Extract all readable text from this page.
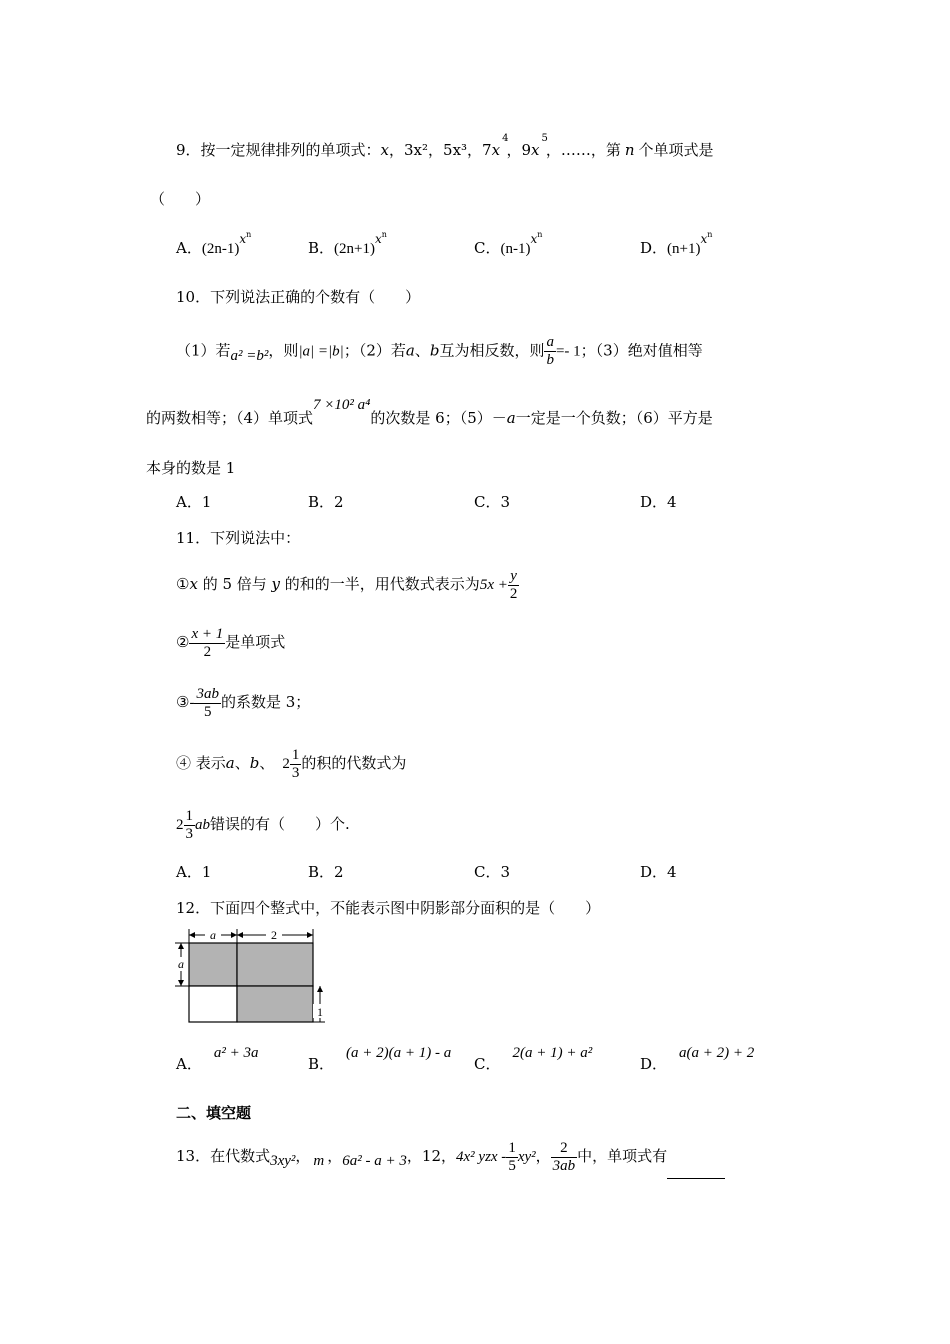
9．按一定规律排列的单项式：x，3x²，5x³，$7x^4$，$9x^5$，……，第 n 个单项式是
（　　）
A．$(2n-1)^{xn}$
B．$(2n+1)^{xn}$
C．$(n-1)^{xn}$
D．$(n+1)^{xn}$
10．下列说法正确的个数有（　　）
（1）若a² =b²，则|a| =|b|；（2）若a、b互为相反数，则 $\frac{a}{b} =- 1$；（3）绝对值相等
的两数相等；（4）单项式7 ×10² a⁴的次数是 6；（5）－a一定是一个负数；（6）平方是
本身的数是 1
A．1	B．2	C．3	D．4
11．下列说法中：
①x 的 5 倍与 y 的和的一半，用代数式表示为$5x + \frac{y}{2}$
② $\frac{x + 1}{2}$ 是单项式
③- $\frac{3ab}{5}$ 的系数是 3；
④ 表示a、b、 $2 \frac{1}{3}$ 的积的代数式为
$2 \frac{1}{3}$ ab错误的有（　　）个.
A．1	B．2	C．3	D．4
12．下面四个整式中，不能表示图中阴影部分面积的是（　　）
a	2
a
1
A．a² + 3a
B．(a + 2)(a + 1) - a
C．2(a + 1) + a²
D．a(a + 2) + 2
二、填空题
13．在代数式3xy²， m ，6a² - a + 3，12，4x² yzx - $\frac{1}{5} xy^2$， $\frac{2}{3ab}$ 中，单项式有
